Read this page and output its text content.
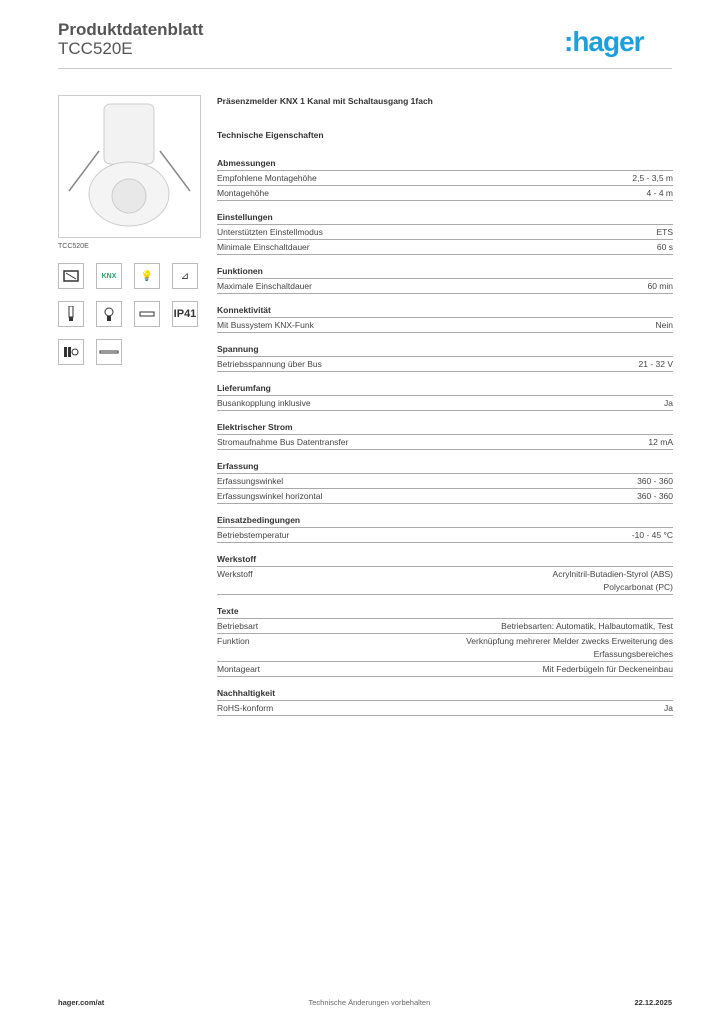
Produktdatenblatt
TCC520E	:hager
TCC520E
KNX	💡	⊿
IP41
Präsenzmelder KNX 1 Kanal mit Schaltausgang 1fach
Technische Eigenschaften
Abmessungen
Empfohlene Montagehöhe	2,5 - 3,5 m
Montagehöhe	4 - 4 m
Einstellungen
Unterstützten Einstellmodus	ETS
Minimale Einschaltdauer	60 s
Funktionen
Maximale Einschaltdauer	60 min
Konnektivität
Mit Bussystem KNX-Funk	Nein
Spannung
Betriebsspannung über Bus	21 - 32 V
Lieferumfang
Busankopplung inklusive	Ja
Elektrischer Strom
Stromaufnahme Bus Datentransfer	12 mA
Erfassung
Erfassungswinkel	360 - 360
Erfassungswinkel horizontal	360 - 360
Einsatzbedingungen
Betriebstemperatur	-10 - 45 °C
Werkstoff
Werkstoff	Acrylnitril-Butadien-Styrol (ABS)
Polycarbonat (PC)
Texte
Betriebsart	Betriebsarten: Automatik, Halbautomatik, Test
Funktion	Verknüpfung mehrerer Melder zwecks Erweiterung des
Erfassungsbereiches
Montageart	Mit Federbügeln für Deckeneinbau
Nachhaltigkeit
RoHS-konform	Ja
hager.com/at	Technische Änderungen vorbehalten	22.12.2025
